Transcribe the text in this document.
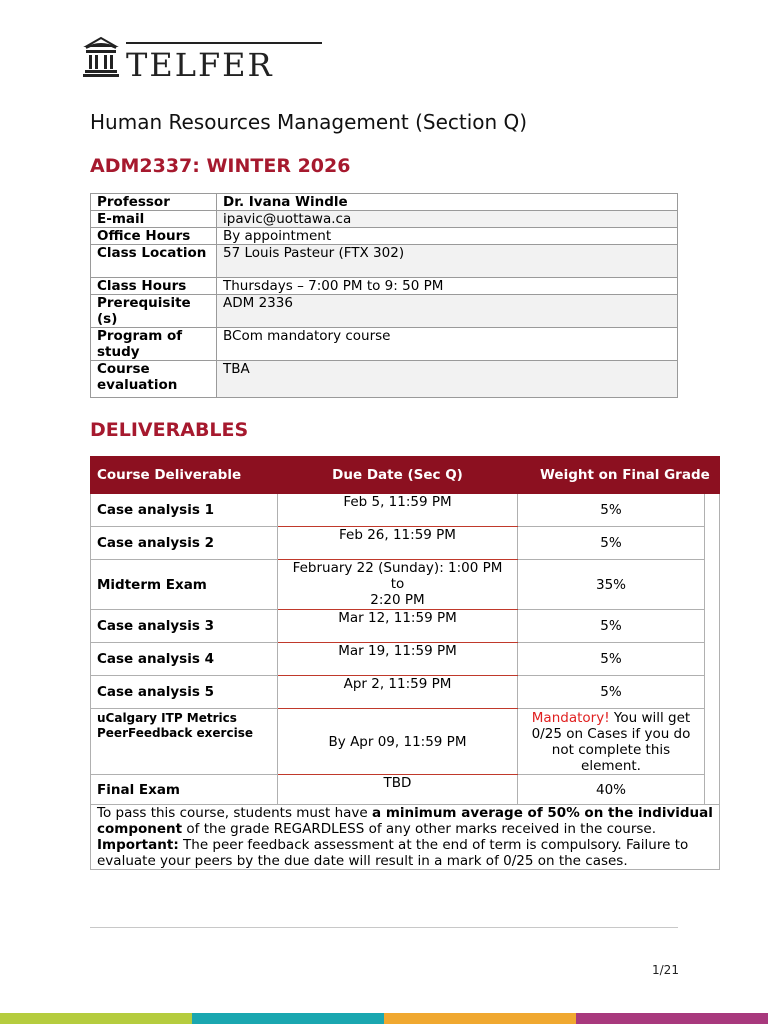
TELFER
Human Resources Management (Section Q)
ADM2337: WINTER 2026
Professor	Dr. Ivana Windle
E-mail	ipavic@uottawa.ca
Office Hours	By appointment
Class Location	57 Louis Pasteur (FTX 302)
Class Hours	Thursdays – 7:00 PM to 9: 50 PM
Prerequisite(s)	ADM 2336
Program of study	BCom mandatory course
Course evaluation	TBA
DELIVERABLES
Course Deliverable	Due Date (Sec Q)	Weight on Final Grade	
Case analysis 1	Feb 5, 11:59 PM	5%	
Case analysis 2	Feb 26, 11:59 PM	5%	
Midterm Exam	February 22 (Sunday): 1:00 PM
to
2:20 PM	35%	
Case analysis 3	Mar 12, 11:59 PM	5%	
Case analysis 4	Mar 19, 11:59 PM	5%	
Case analysis 5	Apr 2, 11:59 PM	5%	
uCalgary ITP Metrics PeerFeedback exercise	By Apr 09, 11:59 PM	Mandatory! You will get 0/25 on Cases if you do not complete this element.	
Final Exam	TBD	40%	
To pass this course, students must have a minimum average of 50% on the individual component of the grade REGARDLESS of any other marks received in the course.
Important: The peer feedback assessment at the end of term is compulsory. Failure to evaluate your peers by the due date will result in a mark of 0/25 on the cases.			
1/21
